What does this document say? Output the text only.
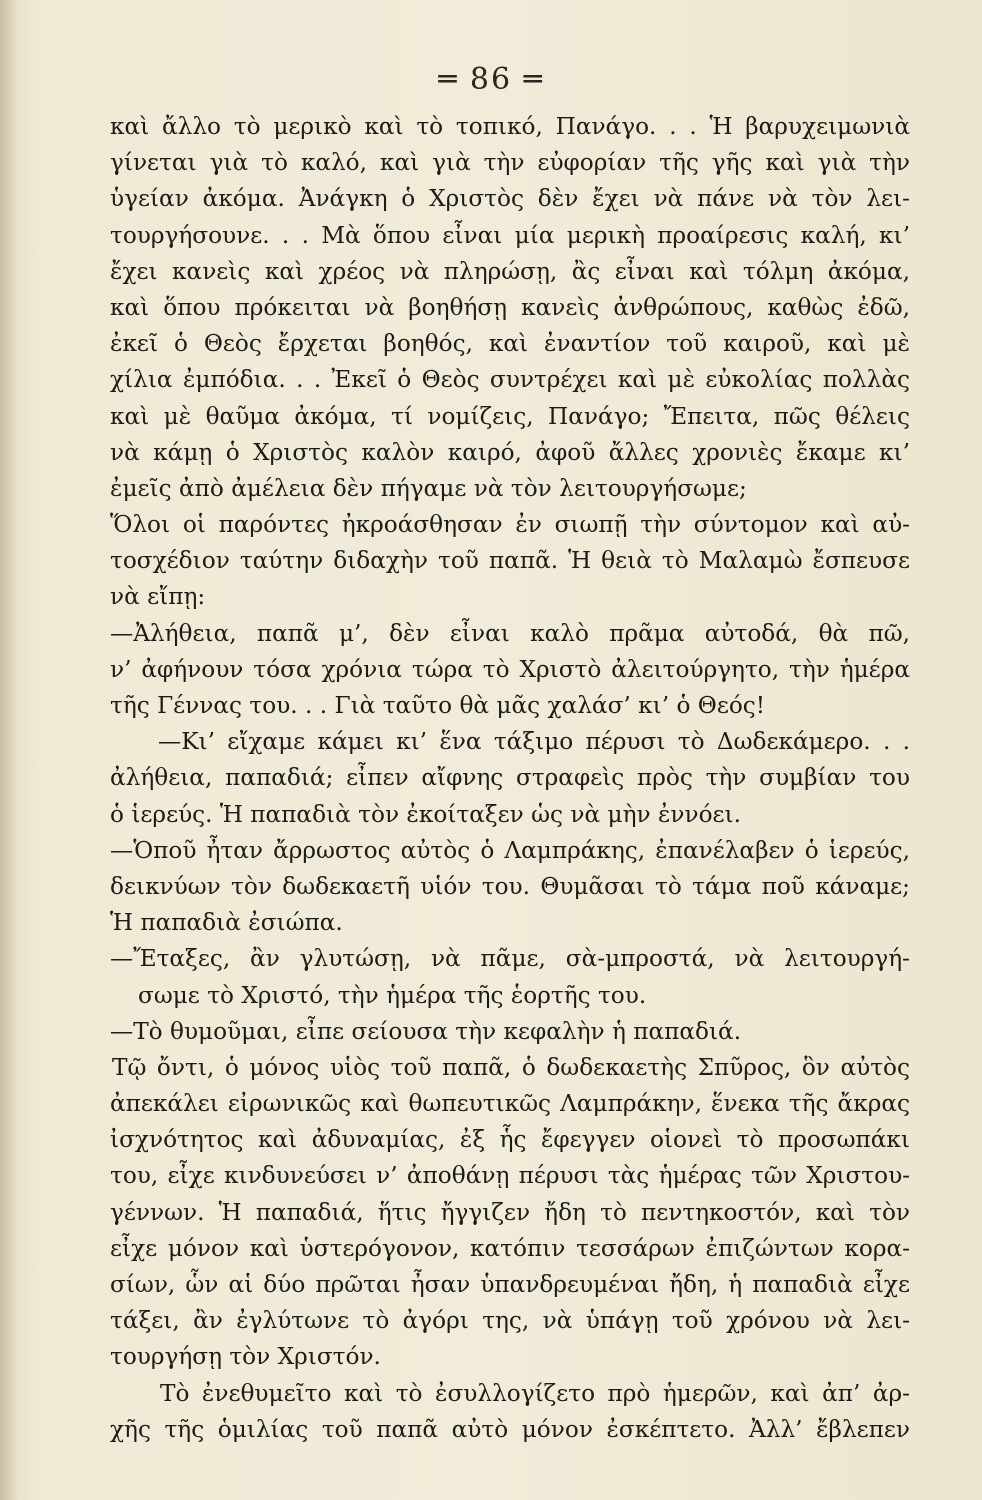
═ 86 ═
καὶ ἄλλο τὸ μερικὸ καὶ τὸ τοπικό, Πανάγο. . . Ἡ βαρυχειμωνιὰ
γίνεται γιὰ τὸ καλό, καὶ γιὰ τὴν εὐφορίαν τῆς γῆς καὶ γιὰ τὴν
ὑγείαν ἀκόμα. Ἀνάγκη ὁ Χριστὸς δὲν ἔχει νὰ πάνε νὰ τὸν λει-
τουργήσουνε. . . Μὰ ὅπου εἶναι μία μερικὴ προαίρεσις καλή, κι’
ἔχει κανεὶς καὶ χρέος νὰ πληρώσῃ, ἂς εἶναι καὶ τόλμη ἀκόμα,
καὶ ὅπου πρόκειται νὰ βοηθήσῃ κανεὶς ἀνθρώπους, καθὼς ἐδῶ,
ἐκεῖ ὁ Θεὸς ἔρχεται βοηθός, καὶ ἐναντίον τοῦ καιροῦ, καὶ μὲ
χίλια ἐμπόδια. . . Ἐκεῖ ὁ Θεὸς συντρέχει καὶ μὲ εὐκολίας πολλὰς
καὶ μὲ θαῦμα ἀκόμα, τί νομίζεις, Πανάγο; Ἔπειτα, πῶς θέλεις
νὰ κάμῃ ὁ Χριστὸς καλὸν καιρό, ἀφοῦ ἄλλες χρονιὲς ἔκαμε κι’
ἐμεῖς ἀπὸ ἀμέλεια δὲν πήγαμε νὰ τὸν λειτουργήσωμε;
Ὅλοι οἱ παρόντες ἠκροάσθησαν ἐν σιωπῇ τὴν σύντομον καὶ αὐ-
τοσχέδιον ταύτην διδαχὴν τοῦ παπᾶ. Ἡ θειὰ τὸ Μαλαμὼ ἔσπευσε
νὰ εἴπῃ:
—Ἀλήθεια, παπᾶ μ’, δὲν εἶναι καλὸ πρᾶμα αὐτοδά, θὰ πῶ,
ν’ ἀφήνουν τόσα χρόνια τώρα τὸ Χριστὸ ἀλειτούργητο, τὴν ἡμέρα
τῆς Γέννας του. . . Γιὰ ταῦτο θὰ μᾶς χαλάσ’ κι’ ὁ Θεός!
—Κι’ εἴχαμε κάμει κι’ ἕνα τάξιμο πέρυσι τὸ Δωδεκάμερο. . .
ἀλήθεια, παπαδιά; εἶπεν αἴφνης στραφεὶς πρὸς τὴν συμβίαν του
ὁ ἱερεύς. Ἡ παπαδιὰ τὸν ἐκοίταξεν ὡς νὰ μὴν ἐννόει.
—Ὁποῦ ἦταν ἄρρωστος αὐτὸς ὁ Λαμπράκης, ἐπανέλαβεν ὁ ἱερεύς,
δεικνύων τὸν δωδεκαετῆ υἱόν του. Θυμᾶσαι τὸ τάμα ποῦ κάναμε;
Ἡ παπαδιὰ ἐσιώπα.
—Ἔταξες, ἂν γλυτώσῃ, νὰ πᾶμε, σὰ-μπροστά, νὰ λειτουργή-
σωμε τὸ Χριστό, τὴν ἡμέρα τῆς ἑορτῆς του.
—Τὸ θυμοῦμαι, εἶπε σείουσα τὴν κεφαλὴν ἡ παπαδιά.
Τῷ ὄντι, ὁ μόνος υἱὸς τοῦ παπᾶ, ὁ δωδεκαετὴς Σπῦρος, ὃν αὐτὸς
ἀπεκάλει εἰρωνικῶς καὶ θωπευτικῶς Λαμπράκην, ἕνεκα τῆς ἄκρας
ἰσχνότητος καὶ ἀδυναμίας, ἐξ ἧς ἔφεγγεν οἱονεὶ τὸ προσωπάκι
του, εἶχε κινδυνεύσει ν’ ἀποθάνῃ πέρυσι τὰς ἡμέρας τῶν Χριστου-
γέννων. Ἡ παπαδιά, ἥτις ἤγγιζεν ἤδη τὸ πεντηκοστόν, καὶ τὸν
εἶχε μόνον καὶ ὑστερόγονον, κατόπιν τεσσάρων ἐπιζώντων κορα-
σίων, ὧν αἱ δύο πρῶται ἦσαν ὑπανδρευμέναι ἤδη, ἡ παπαδιὰ εἶχε
τάξει, ἂν ἐγλύτωνε τὸ ἀγόρι της, νὰ ὑπάγῃ τοῦ χρόνου νὰ λει-
τουργήσῃ τὸν Χριστόν.
Τὸ ἐνεθυμεῖτο καὶ τὸ ἐσυλλογίζετο πρὸ ἡμερῶν, καὶ ἀπ’ ἀρ-
χῆς τῆς ὁμιλίας τοῦ παπᾶ αὐτὸ μόνον ἐσκέπτετο. Ἀλλ’ ἔβλεπεν
